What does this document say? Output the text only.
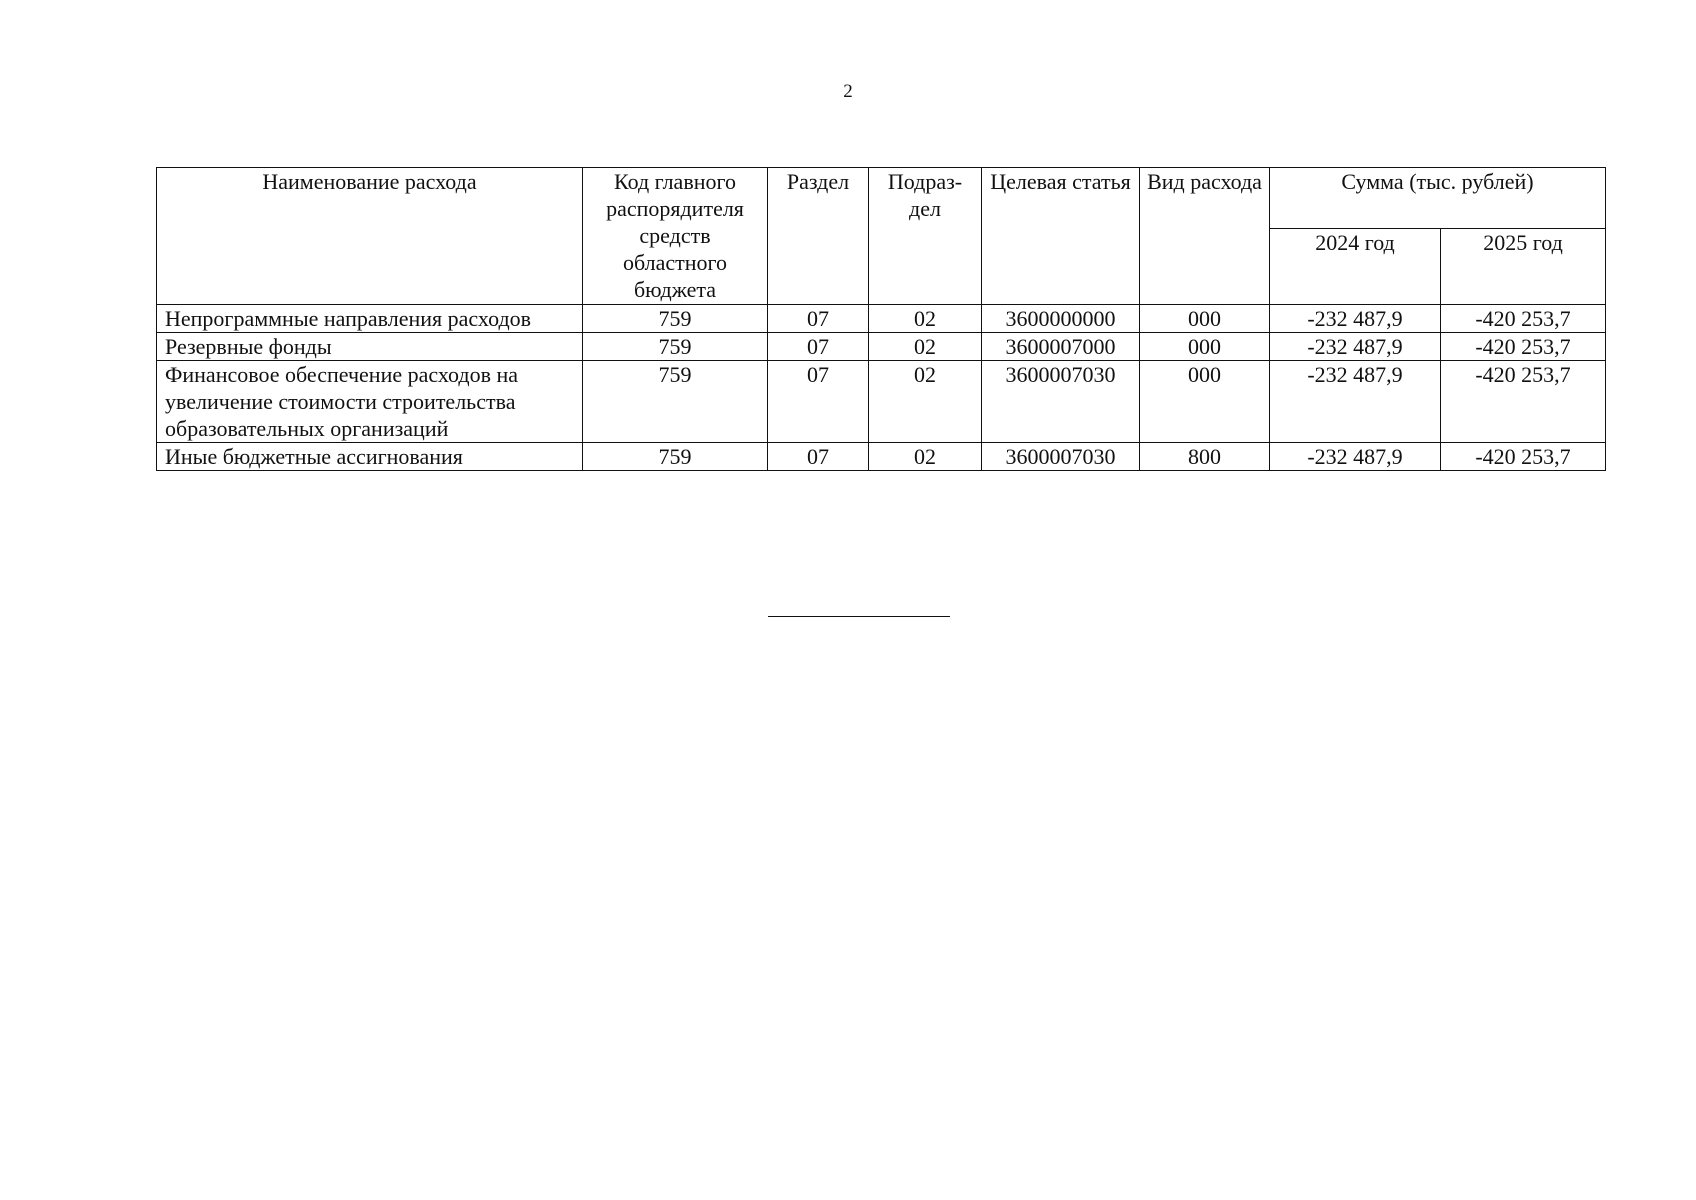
2
Наименование расхода	Код главного распорядителя средств областного бюджета	Раздел	Подраз-дел	Целевая статья	Вид расхода	Сумма (тыс. рублей)	
						2024 год	2025 год
Непрограммные направления расходов	759	07	02	3600000000	000	-232 487,9	-420 253,7
Резервные фонды	759	07	02	3600007000	000	-232 487,9	-420 253,7
Финансовое обеспечение расходов на увеличение стоимости строительства образовательных организаций	759	07	02	3600007030	000	-232 487,9	-420 253,7
Иные бюджетные ассигнования	759	07	02	3600007030	800	-232 487,9	-420 253,7
